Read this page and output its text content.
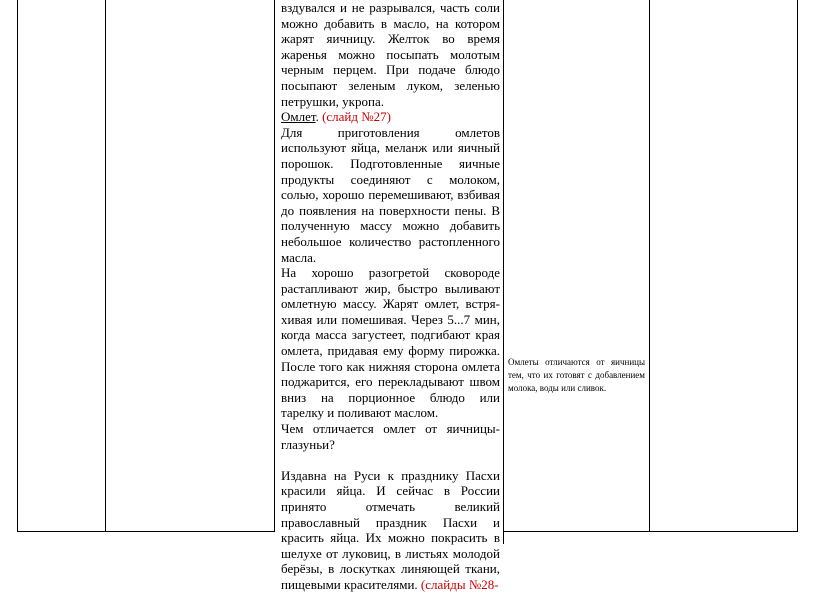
вздувался и не разрывался, часть соли можно добавить в масло, на котором жарят яичницу. Желток во время жаренья можно посыпать молотым черным перцем. При подаче блюдо посыпают зеленым луком, зеленью петрушки, укропа.

Омлет. (слайд №27)

Для приготовления омлетов используют яйца, меланж или яичный порошок. Подготовленные яичные продукты соединяют с молоком, солью, хорошо перемешивают, взбивая до появления на поверхности пены. В полученную массу можно добавить небольшое количество растопленного масла.

На хорошо разогретой сковороде растапливают жир, быстро выливают омлетную массу. Жарят омлет, встря-хивая или помешивая. Через 5...7 мин, когда масса загустеет, подгибают края омлета, придавая ему форму пирожка. После того как нижняя сторона омлета поджарится, его перекладывают швом вниз на порционное блюдо или тарелку и поливают маслом.

Чем отличается омлет от яичницы-глазуньи?

Издавна на Руси к празднику Пасхи красили яйца. И сейчас в России принято отмечать великий православный праздник Пасхи и красить яйца. Их можно покрасить в шелухе от луковиц, в листьях молодой берёзы, в лоскутках линяющей ткани, пищевыми красителями. (слайды №28-

Омлеты отличаются от яичницы тем, что их готовят с добавлением молока, воды или сливок.
